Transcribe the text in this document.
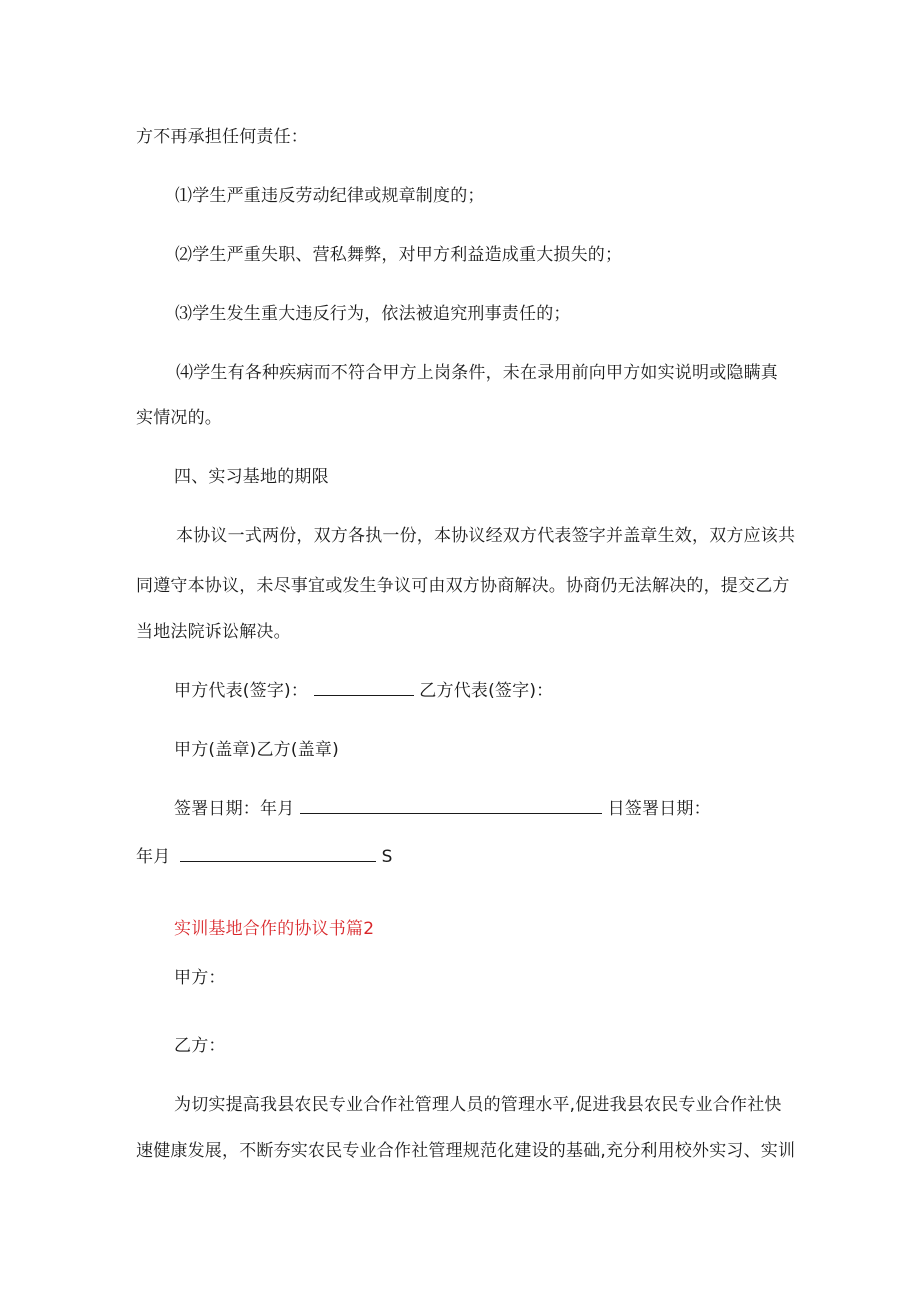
方不再承担任何责任：
⑴学生严重违反劳动纪律或规章制度的；
⑵学生严重失职、营私舞弊，对甲方利益造成重大损失的；
⑶学生发生重大违反行为，依法被追究刑事责任的；
⑷学生有各种疾病而不符合甲方上岗条件，未在录用前向甲方如实说明或隐瞒真
实情况的。
四、实习基地的期限
本协议一式两份，双方各执一份，本协议经双方代表签字并盖章生效，双方应该共
同遵守本协议，未尽事宜或发生争议可由双方协商解决。协商仍无法解决的，提交乙方
当地法院诉讼解决。
甲方代表(签字)：	乙方代表(签字)：
甲方(盖章)乙方(盖章)
签署日期：年月	日签署日期：
年月	S
实训基地合作的协议书篇2
甲方：
乙方：
为切实提高我县农民专业合作社管理人员的管理水平,促进我县农民专业合作社快
速健康发展，不断夯实农民专业合作社管理规范化建设的基础,充分利用校外实习、实训
